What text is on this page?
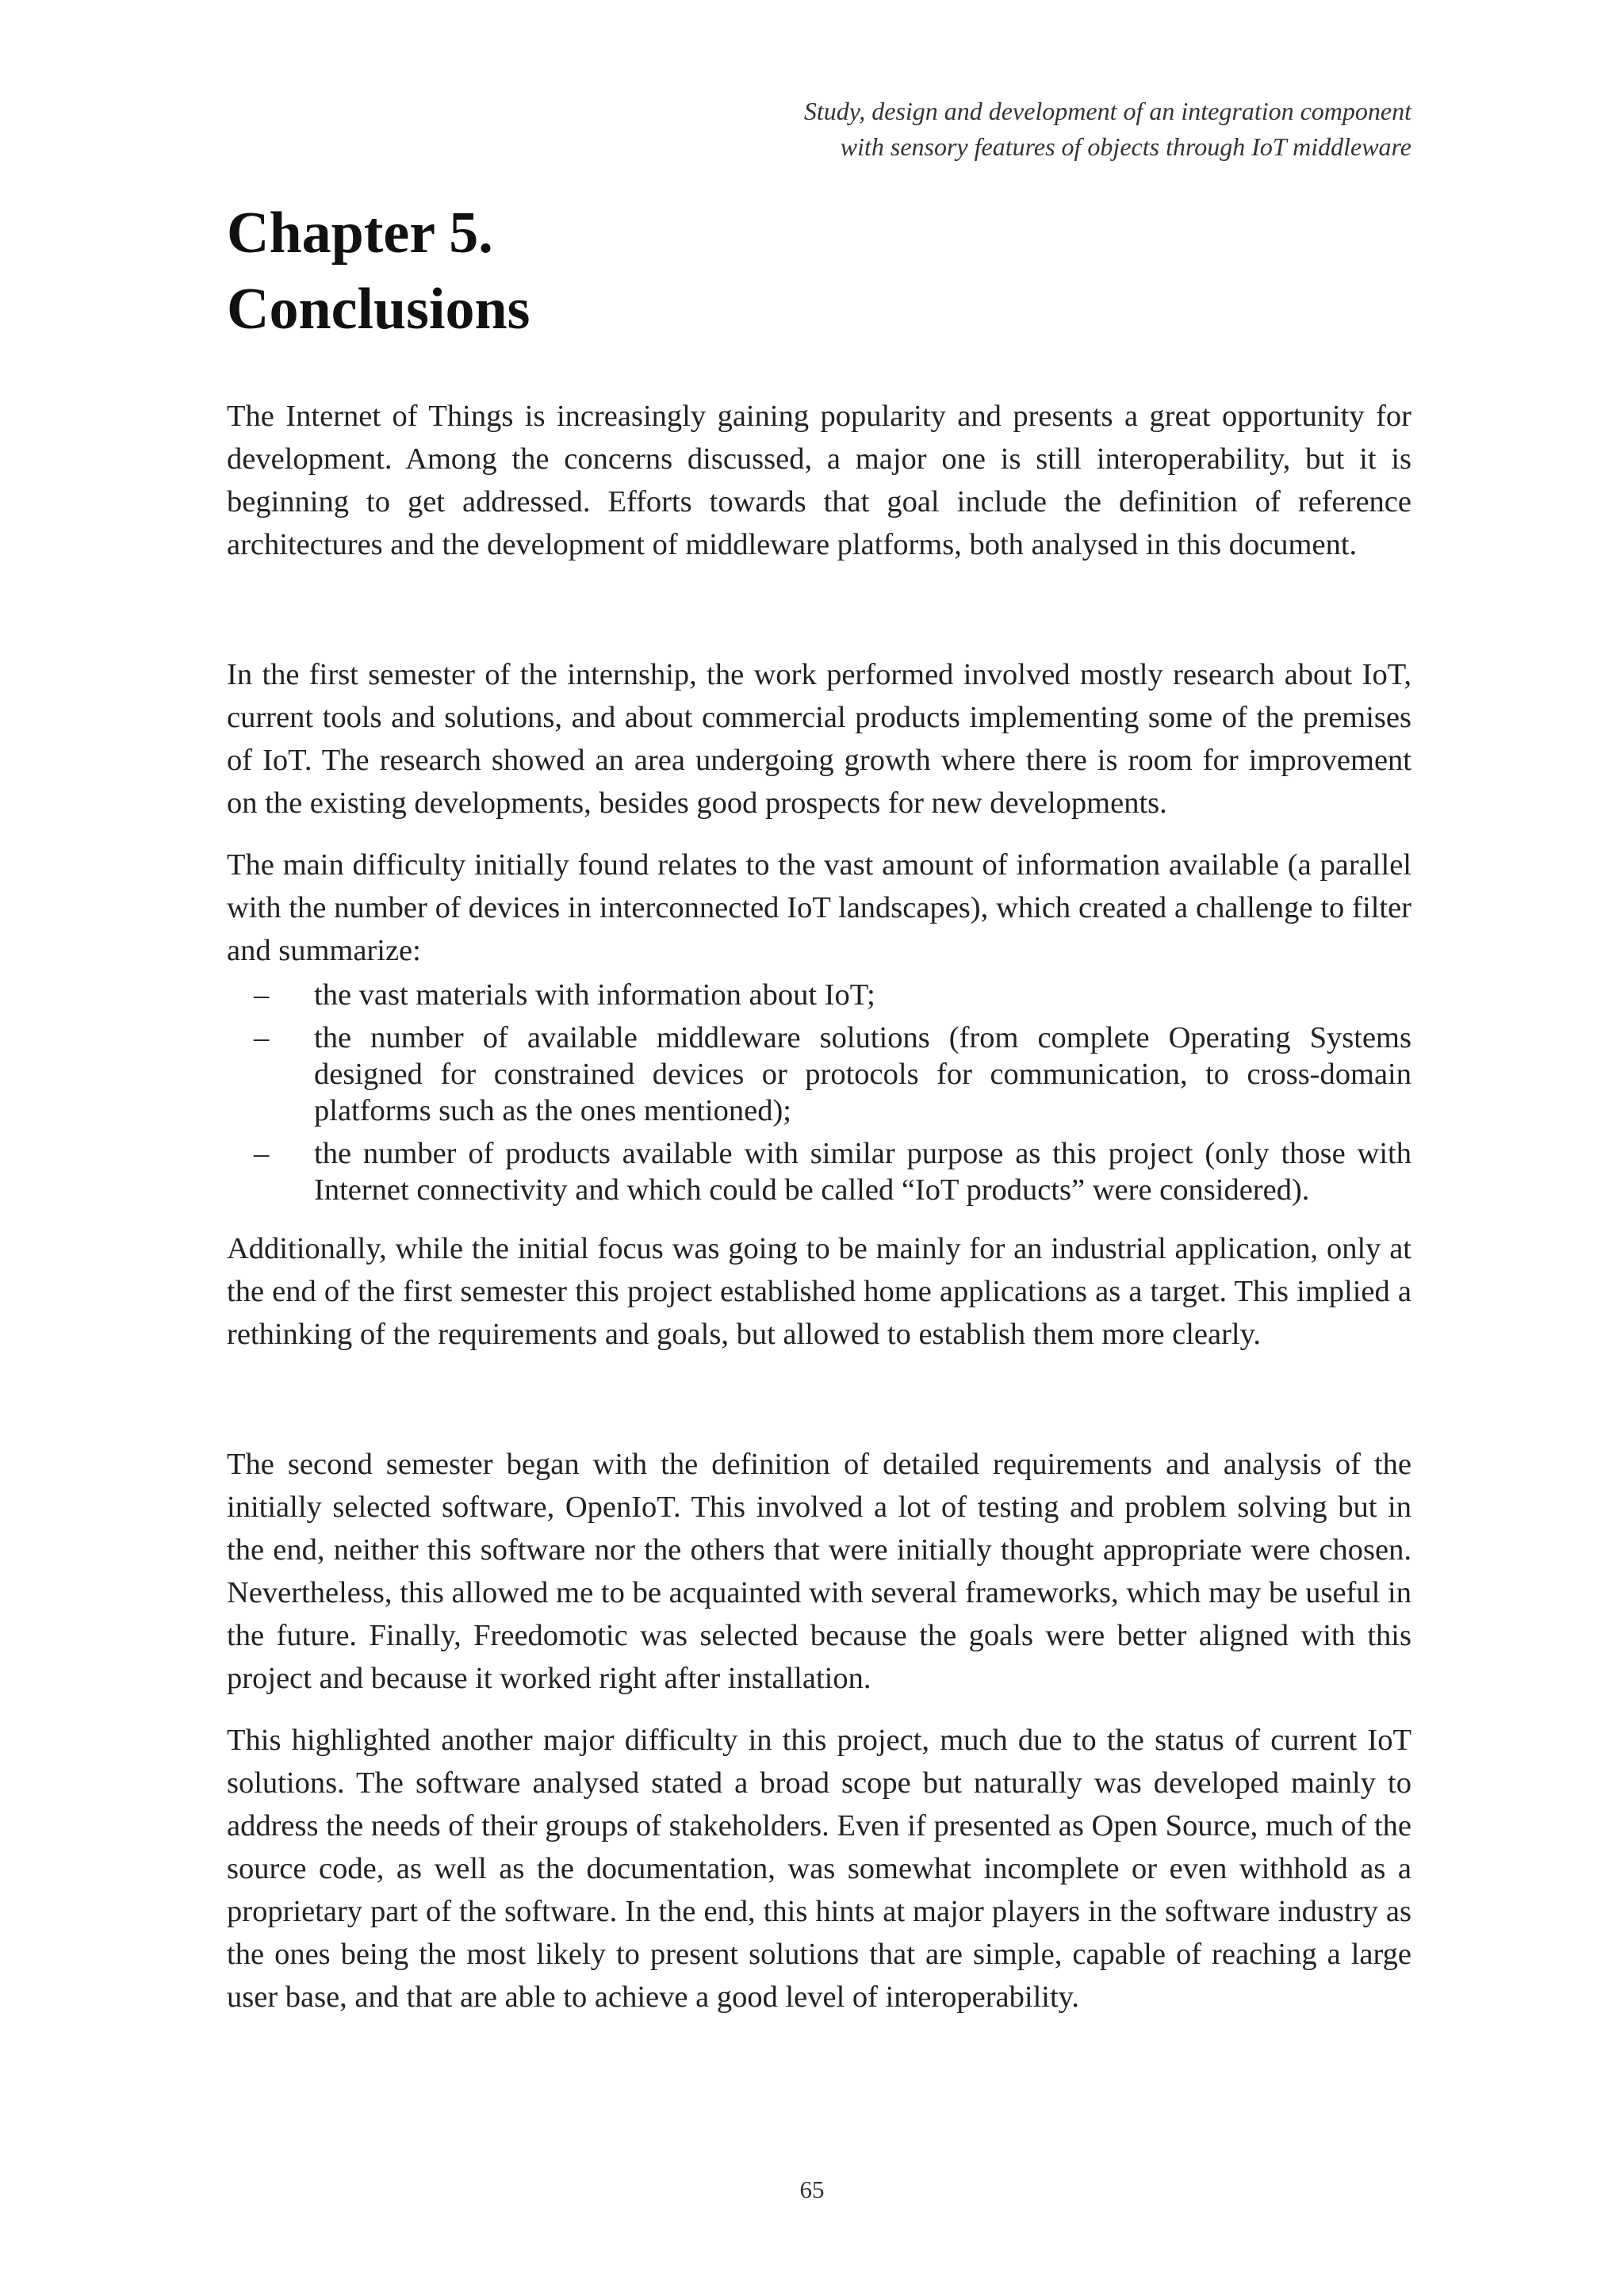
Study, design and development of an integration component
with sensory features of objects through IoT middleware
Chapter 5.
Conclusions

The Internet of Things is increasingly gaining popularity and presents a great opportunity for development. Among the concerns discussed, a major one is still interoperability, but it is beginning to get addressed. Efforts towards that goal include the definition of reference architectures and the development of middleware platforms, both analysed in this document.

In the first semester of the internship, the work performed involved mostly research about IoT, current tools and solutions, and about commercial products implementing some of the premises of IoT. The research showed an area undergoing growth where there is room for improvement on the existing developments, besides good prospects for new developments.

The main difficulty initially found relates to the vast amount of information available (a parallel with the number of devices in interconnected IoT landscapes), which created a challenge to filter and summarize:

– the vast materials with information about IoT;
– the number of available middleware solutions (from complete Operating Systems designed for constrained devices or protocols for communication, to cross-domain platforms such as the ones mentioned);
– the number of products available with similar purpose as this project (only those with Internet connectivity and which could be called “IoT products” were considered).

Additionally, while the initial focus was going to be mainly for an industrial application, only at the end of the first semester this project established home applications as a target. This implied a rethinking of the requirements and goals, but allowed to establish them more clearly.

The second semester began with the definition of detailed requirements and analysis of the initially selected software, OpenIoT. This involved a lot of testing and problem solving but in the end, neither this software nor the others that were initially thought appropriate were chosen. Nevertheless, this allowed me to be acquainted with several frameworks, which may be useful in the future. Finally, Freedomotic was selected because the goals were better aligned with this project and because it worked right after installation.

This highlighted another major difficulty in this project, much due to the status of current IoT solutions. The software analysed stated a broad scope but naturally was developed mainly to address the needs of their groups of stakeholders. Even if presented as Open Source, much of the source code, as well as the documentation, was somewhat incomplete or even withhold as a proprietary part of the software. In the end, this hints at major players in the software industry as the ones being the most likely to present solutions that are simple, capable of reaching a large user base, and that are able to achieve a good level of interoperability.

65
